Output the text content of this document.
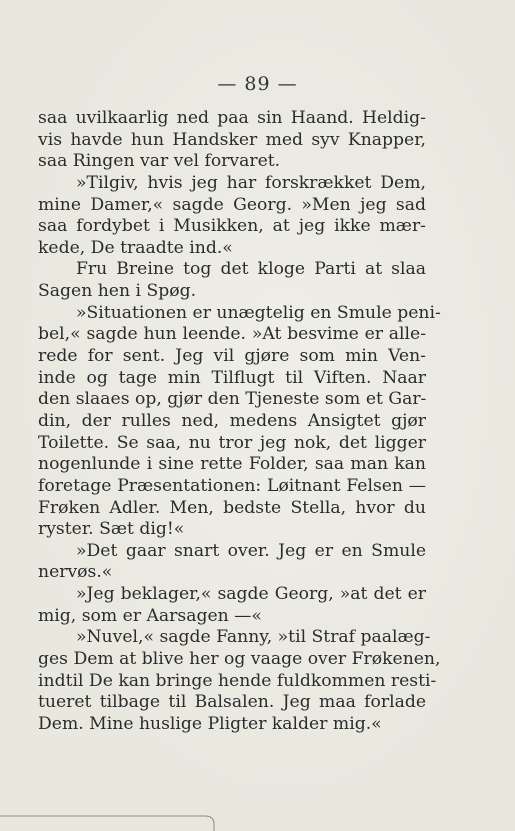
— 89 —
saa uvilkaarlig ned paa sin Haand. Heldig-
vis havde hun Handsker med syv Knapper,
saa Ringen var vel forvaret.
»Tilgiv, hvis jeg har forskrækket Dem,
mine Damer,« sagde Georg. »Men jeg sad
saa fordybet i Musikken, at jeg ikke mær-
kede, De traadte ind.«
Fru Breine tog det kloge Parti at slaa
Sagen hen i Spøg.
»Situationen er unægtelig en Smule peni-
bel,« sagde hun leende. »At besvime er alle-
rede for sent. Jeg vil gjøre som min Ven-
inde og tage min Tilflugt til Viften. Naar
den slaaes op, gjør den Tjeneste som et Gar-
din, der rulles ned, medens Ansigtet gjør
Toilette. Se saa, nu tror jeg nok, det ligger
nogenlunde i sine rette Folder, saa man kan
foretage Præsentationen: Løitnant Felsen —
Frøken Adler. Men, bedste Stella, hvor du
ryster. Sæt dig!«
»Det gaar snart over. Jeg er en Smule
nervøs.«
»Jeg beklager,« sagde Georg, »at det er
mig, som er Aarsagen —«
»Nuvel,« sagde Fanny, »til Straf paalæg-
ges Dem at blive her og vaage over Frøkenen,
indtil De kan bringe hende fuldkommen resti-
tueret tilbage til Balsalen. Jeg maa forlade
Dem. Mine huslige Pligter kalder mig.«
